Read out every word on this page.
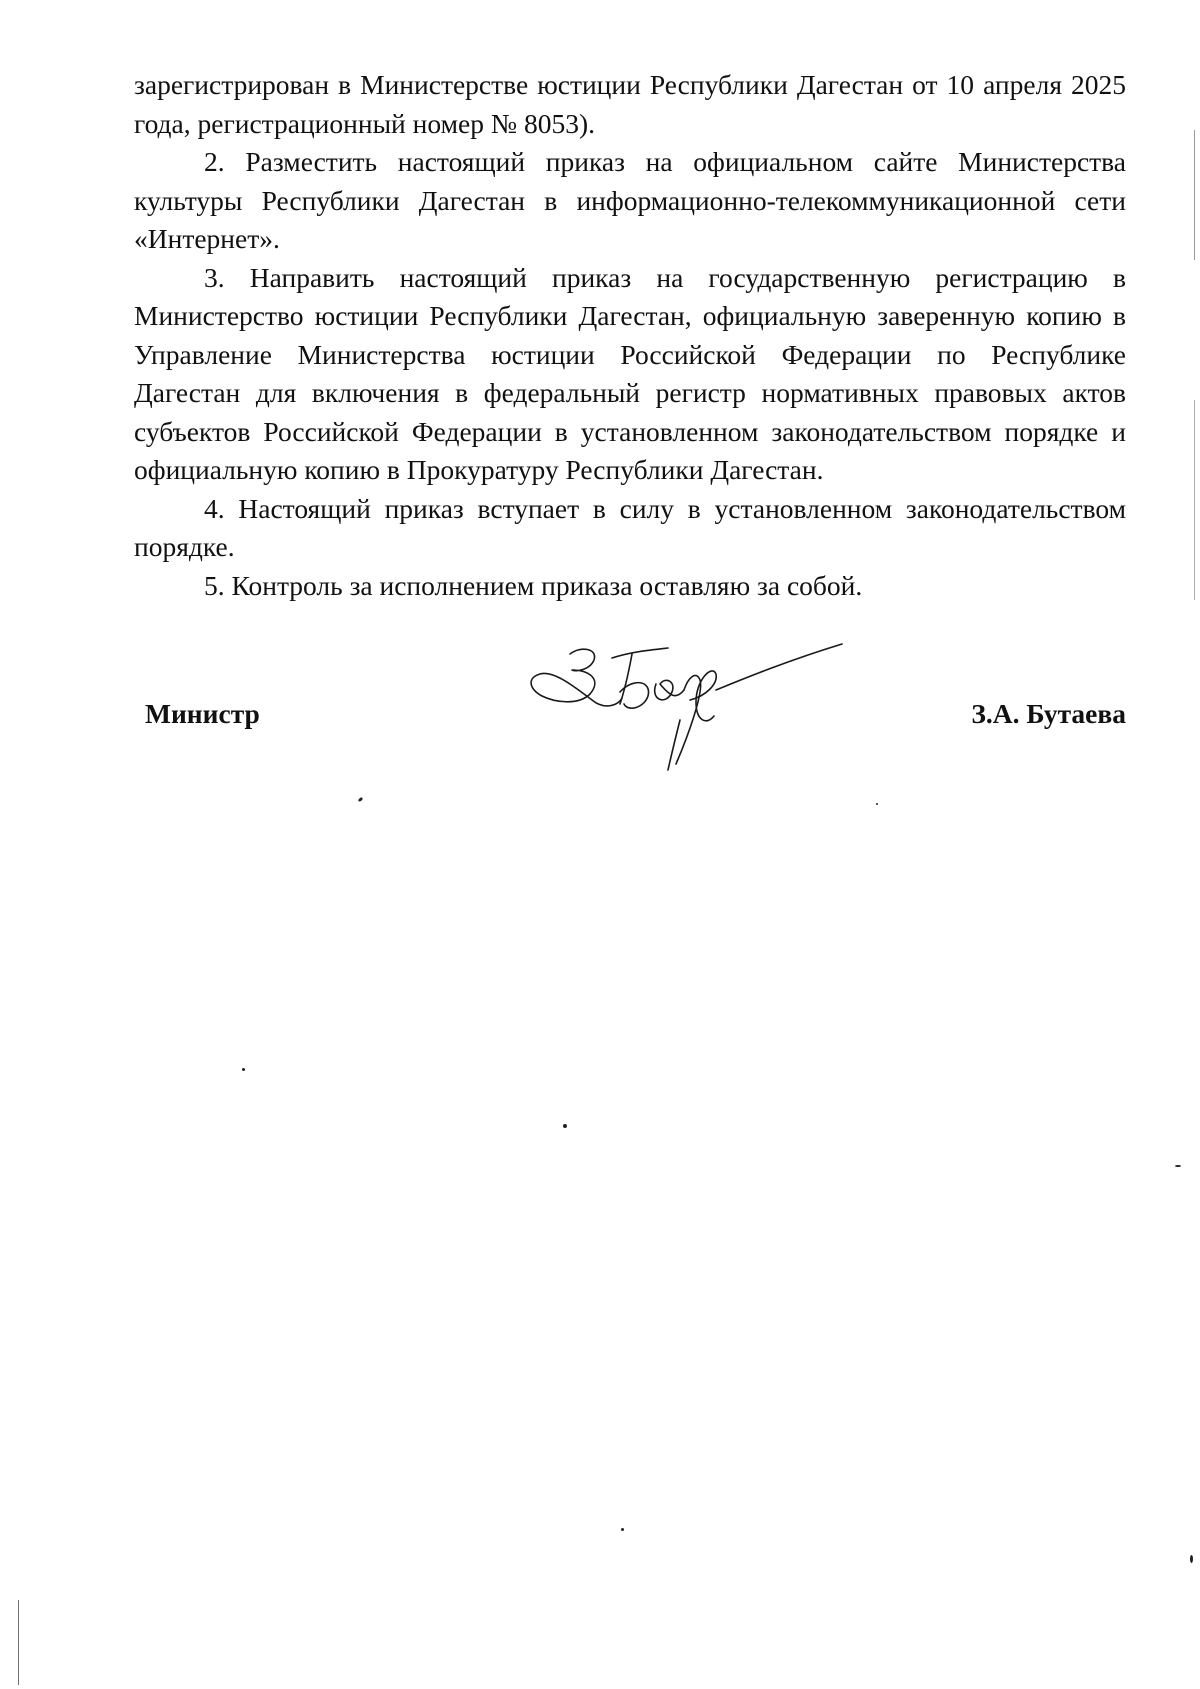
зарегистрирован в Министерстве юстиции Республики Дагестан от 10 апреля 2025 года, регистрационный номер № 8053).

2. Разместить настоящий приказ на официальном сайте Министерства культуры Республики Дагестан в информационно-телекоммуникационной сети «Интернет».

3. Направить настоящий приказ на государственную регистрацию в Министерство юстиции Республики Дагестан, официальную заверенную копию в Управление Министерства юстиции Российской Федерации по Республике Дагестан для включения в федеральный регистр нормативных правовых актов субъектов Российской Федерации в установленном законодательством порядке и официальную копию в Прокуратуру Республики Дагестан.

4. Настоящий приказ вступает в силу в установленном законодательством порядке.

5. Контроль за исполнением приказа оставляю за собой.

Министр	З.А. Бутаева
